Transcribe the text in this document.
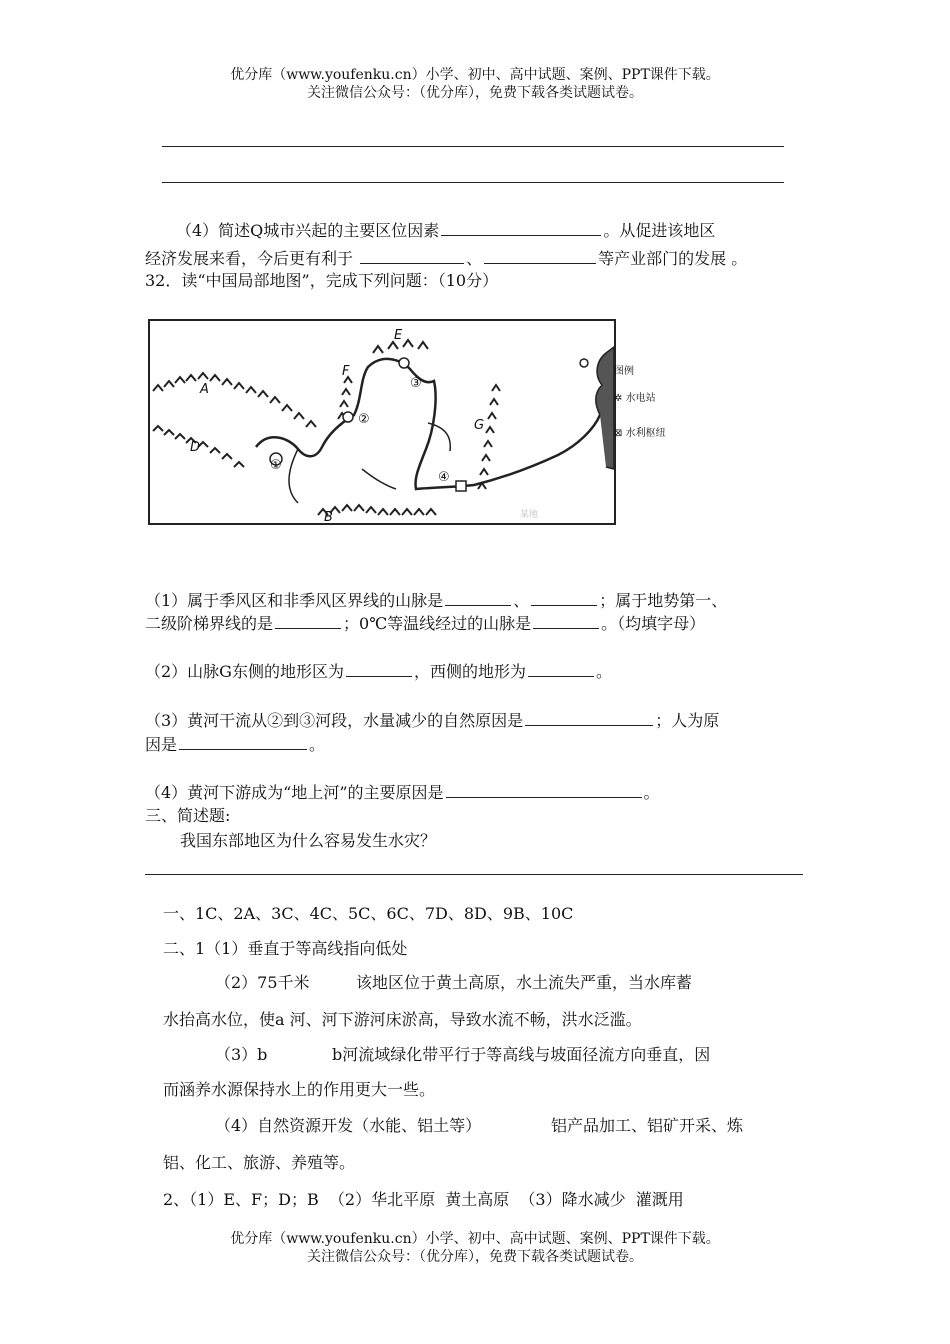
优分库（www.youfenku.cn）小学、初中、高中试题、案例、PPT课件下载。
关注微信公众号：（优分库），免费下载各类试题试卷。
（4）简述Q城市兴起的主要区位因素	。从促进该地区
经济发展来看，今后更有利于	、	等产业部门的发展 。
32．读“中国局部地图”，完成下列问题：（10分）
A
D
B
E
F
G
①
②
③
④
某地
图例
✲ 水电站
⊠ 水利枢纽
（1）属于季风区和非季风区界线的山脉是	、	；属于地势第一、
二级阶梯界线的是	；0℃等温线经过的山脉是	。（均填字母）
（2）山脉G东侧的地形区为	，西侧的地形为	。
（3）黄河干流从②到③河段，水量减少的自然原因是	；人为原
因是	。
（4）黄河下游成为“地上河”的主要原因是	。
三、简述题:
我国东部地区为什么容易发生水灾？
一、1C、2A、3C、4C、5C、6C、7D、8D、9B、10C
二、1（1）垂直于等高线指向低处
（2）75千米	该地区位于黄土高原，水土流失严重，当水库蓄
水抬高水位，使a 河、河下游河床淤高，导致水流不畅，洪水泛滥。
（3）b	b河流域绿化带平行于等高线与坡面径流方向垂直，因
而涵养水源保持水上的作用更大一些。
（4）自然资源开发（水能、铝土等）	铝产品加工、铝矿开采、炼
铝、化工、旅游、养殖等。
2、（1）E、F；D；B  （2）华北平原  黄土高原  （3）降水减少  灌溉用
优分库（www.youfenku.cn）小学、初中、高中试题、案例、PPT课件下载。
关注微信公众号：（优分库），免费下载各类试题试卷。
